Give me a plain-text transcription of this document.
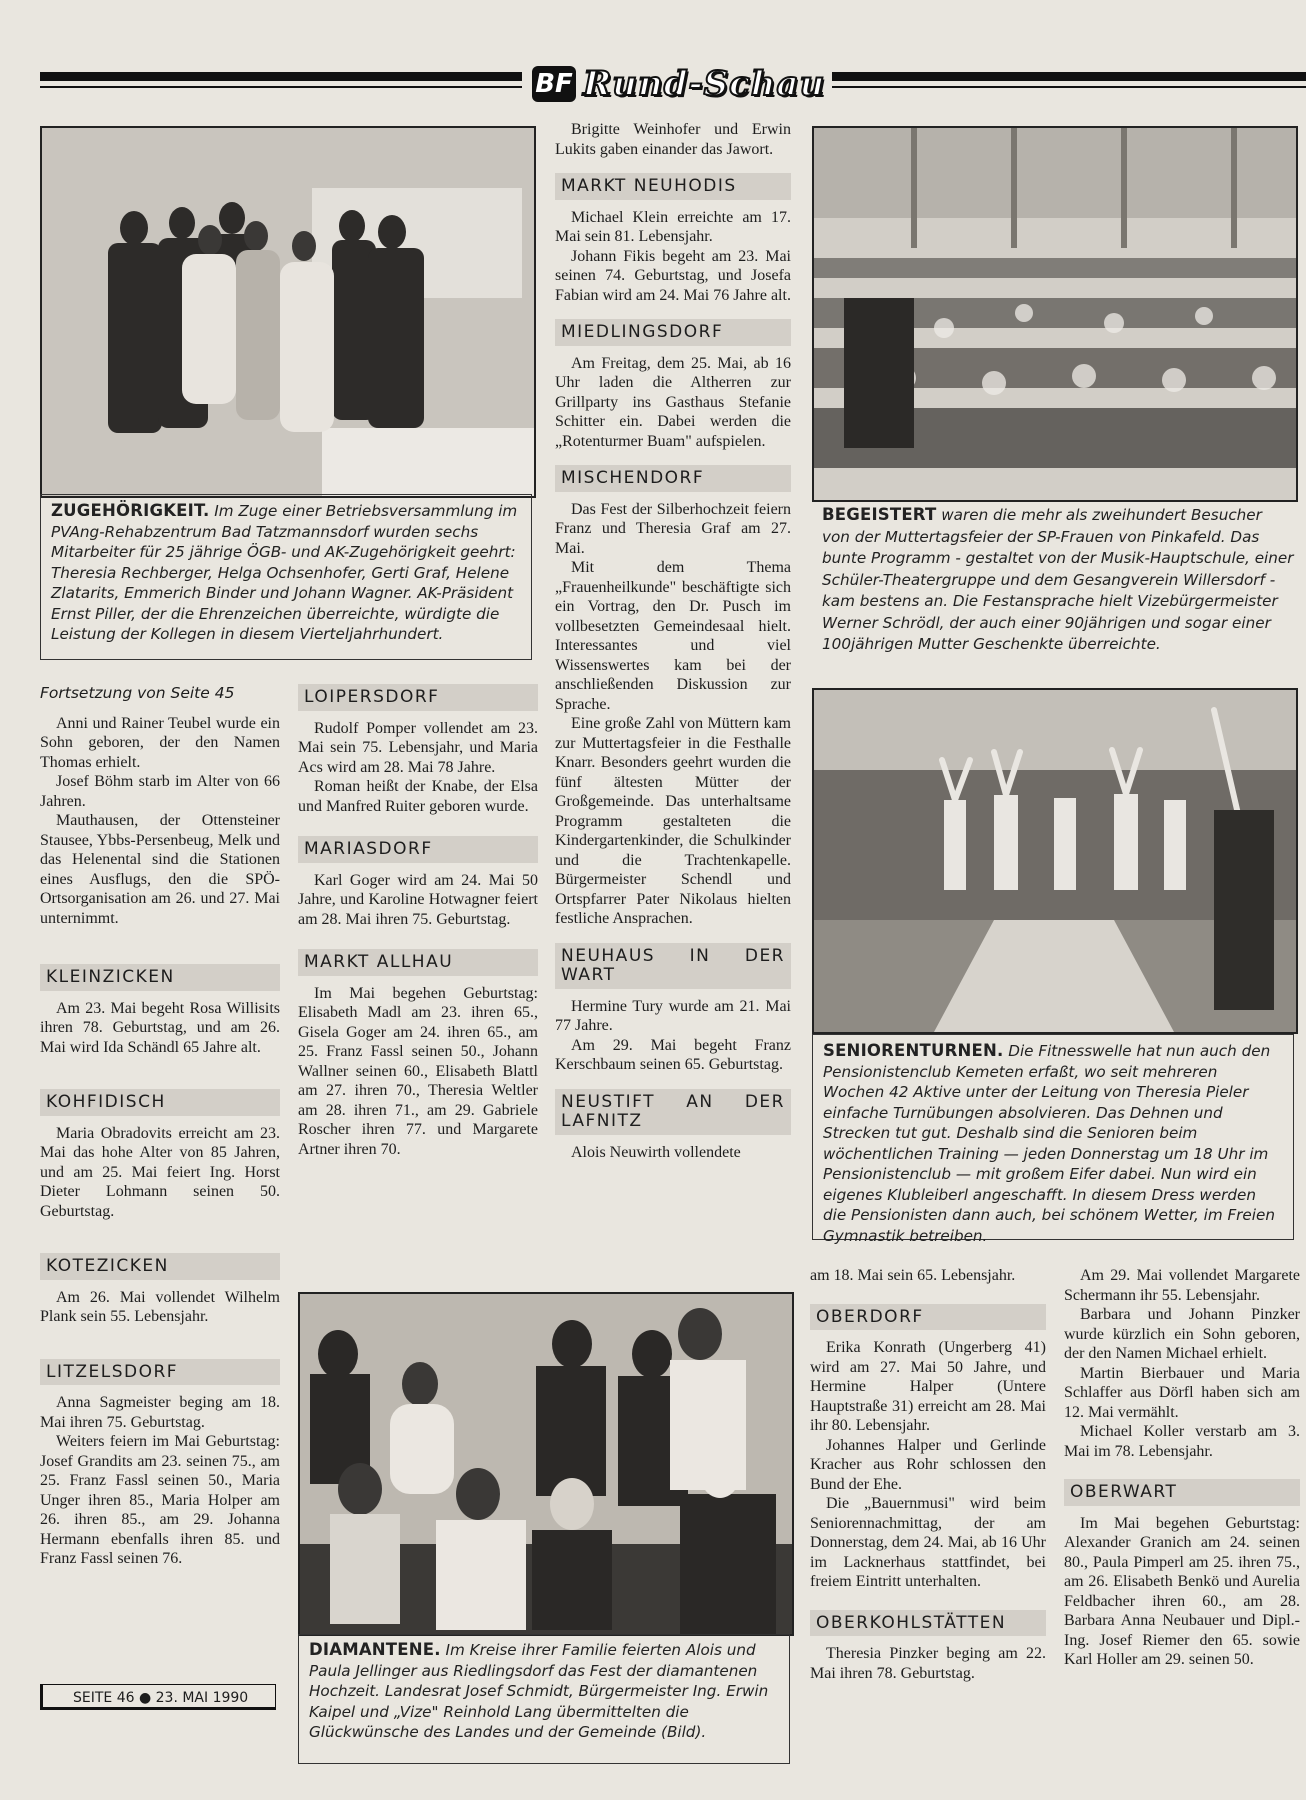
BF Rund-Schau
ZUGEHÖRIGKEIT. Im Zuge einer Betriebsversammlung im PVAng-Rehabzentrum Bad Tatzmannsdorf wurden sechs Mitarbeiter für 25 jährige ÖGB- und AK-Zugehörigkeit geehrt: Theresia Rechberger, Helga Ochsenhofer, Gerti Graf, Helene Zlatarits, Emmerich Binder und Johann Wagner. AK-Präsident Ernst Piller, der die Ehrenzeichen überreichte, würdigte die Leistung der Kollegen in diesem Vierteljahrhundert.
BEGEISTERT waren die mehr als zweihundert Besucher von der Muttertagsfeier der SP-Frauen von Pinkafeld. Das bunte Programm - gestaltet von der Musik-Hauptschule, einer Schüler-Theatergruppe und dem Gesangverein Willersdorf - kam bestens an. Die Festansprache hielt Vizebürgermeister Werner Schrödl, der auch einer 90jährigen und sogar einer 100jährigen Mutter Geschenkte überreichte.
SENIORENTURNEN. Die Fitnesswelle hat nun auch den Pensionistenclub Kemeten erfaßt, wo seit mehreren Wochen 42 Aktive unter der Leitung von Theresia Pieler einfache Turnübungen absolvieren. Das Dehnen und Strecken tut gut. Deshalb sind die Senioren beim wöchentlichen Training — jeden Donnerstag um 18 Uhr im Pensionistenclub — mit großem Eifer dabei. Nun wird ein eigenes Klubleiberl angeschafft. In diesem Dress werden die Pensionisten dann auch, bei schönem Wetter, im Freien Gymnastik betreiben.
DIAMANTENE. Im Kreise ihrer Familie feierten Alois und Paula Jellinger aus Riedlingsdorf das Fest der diamantenen Hochzeit. Landesrat Josef Schmidt, Bürgermeister Ing. Erwin Kaipel und „Vize" Reinhold Lang übermittelten die Glückwünsche des Landes und der Gemeinde (Bild).
Fortsetzung von Seite 45

Anni und Rainer Teubel wurde ein Sohn geboren, der den Namen Thomas erhielt.

Josef Böhm starb im Alter von 66 Jahren.

Mauthausen, der Ottensteiner Stausee, Ybbs-Persenbeug, Melk und das Helenental sind die Stationen eines Ausflugs, den die SPÖ-Ortsorganisation am 26. und 27. Mai unternimmt.

KLEINZICKEN

Am 23. Mai begeht Rosa Willisits ihren 78. Geburtstag, und am 26. Mai wird Ida Schändl 65 Jahre alt.

KOHFIDISCH

Maria Obradovits erreicht am 23. Mai das hohe Alter von 85 Jahren, und am 25. Mai feiert Ing. Horst Dieter Lohmann seinen 50. Geburtstag.

KOTEZICKEN

Am 26. Mai vollendet Wilhelm Plank sein 55. Lebensjahr.

LITZELSDORF

Anna Sagmeister beging am 18. Mai ihren 75. Geburtstag.

Weiters feiern im Mai Geburtstag: Josef Grandits am 23. seinen 75., am 25. Franz Fassl seinen 50., Maria Unger ihren 85., Maria Holper am 26. ihren 85., am 29. Johanna Hermann ebenfalls ihren 85. und Franz Fassl seinen 76.

LOIPERSDORF

Rudolf Pomper vollendet am 23. Mai sein 75. Lebensjahr, und Maria Acs wird am 28. Mai 78 Jahre.

Roman heißt der Knabe, der Elsa und Manfred Ruiter geboren wurde.

MARIASDORF

Karl Goger wird am 24. Mai 50 Jahre, und Karoline Hotwagner feiert am 28. Mai ihren 75. Geburtstag.

MARKT ALLHAU

Im Mai begehen Geburtstag: Elisabeth Madl am 23. ihren 65., Gisela Goger am 24. ihren 65., am 25. Franz Fassl seinen 50., Johann Wallner seinen 60., Elisabeth Blattl am 27. ihren 70., Theresia Weltler am 28. ihren 71., am 29. Gabriele Roscher ihren 77. und Margarete Artner ihren 70.

Brigitte Weinhofer und Erwin Lukits gaben einander das Jawort.

MARKT NEUHODIS

Michael Klein erreichte am 17. Mai sein 81. Lebensjahr.

Johann Fikis begeht am 23. Mai seinen 74. Geburtstag, und Josefa Fabian wird am 24. Mai 76 Jahre alt.

MIEDLINGSDORF

Am Freitag, dem 25. Mai, ab 16 Uhr laden die Altherren zur Grillparty ins Gasthaus Stefanie Schitter ein. Dabei werden die „Rotenturmer Buam" aufspielen.

MISCHENDORF

Das Fest der Silberhochzeit feiern Franz und Theresia Graf am 27. Mai.

Mit dem Thema „Frauenheilkunde" beschäftigte sich ein Vortrag, den Dr. Pusch im vollbesetzten Gemeindesaal hielt. Interessantes und viel Wissenswertes kam bei der anschließenden Diskussion zur Sprache.

Eine große Zahl von Müttern kam zur Muttertagsfeier in die Festhalle Knarr. Besonders geehrt wurden die fünf ältesten Mütter der Großgemeinde. Das unterhaltsame Programm gestalteten die Kindergartenkinder, die Schulkinder und die Trachtenkapelle. Bürgermeister Schendl und Ortspfarrer Pater Nikolaus hielten festliche Ansprachen.

NEUHAUS IN DER WART

Hermine Tury wurde am 21. Mai 77 Jahre.

Am 29. Mai begeht Franz Kerschbaum seinen 65. Geburtstag.

NEUSTIFT AN DER LAFNITZ

Alois Neuwirth vollendete

am 18. Mai sein 65. Lebensjahr.

OBERDORF

Erika Konrath (Ungerberg 41) wird am 27. Mai 50 Jahre, und Hermine Halper (Untere Hauptstraße 31) erreicht am 28. Mai ihr 80. Lebensjahr.

Johannes Halper und Gerlinde Kracher aus Rohr schlossen den Bund der Ehe.

Die „Bauernmusi" wird beim Seniorennachmittag, der am Donnerstag, dem 24. Mai, ab 16 Uhr im Lacknerhaus stattfindet, bei freiem Eintritt unterhalten.

OBERKOHLSTÄTTEN

Theresia Pinzker beging am 22. Mai ihren 78. Geburtstag.

Am 29. Mai vollendet Margarete Schermann ihr 55. Lebensjahr.

Barbara und Johann Pinzker wurde kürzlich ein Sohn geboren, der den Namen Michael erhielt.

Martin Bierbauer und Maria Schlaffer aus Dörfl haben sich am 12. Mai vermählt.

Michael Koller verstarb am 3. Mai im 78. Lebensjahr.

OBERWART

Im Mai begehen Geburtstag: Alexander Granich am 24. seinen 80., Paula Pimperl am 25. ihren 75., am 26. Elisabeth Benkö und Aurelia Feldbacher ihren 60., am 28. Barbara Anna Neubauer und Dipl.-Ing. Josef Riemer den 65. sowie Karl Holler am 29. seinen 50.

SEITE 46 ● 23. MAI 1990
